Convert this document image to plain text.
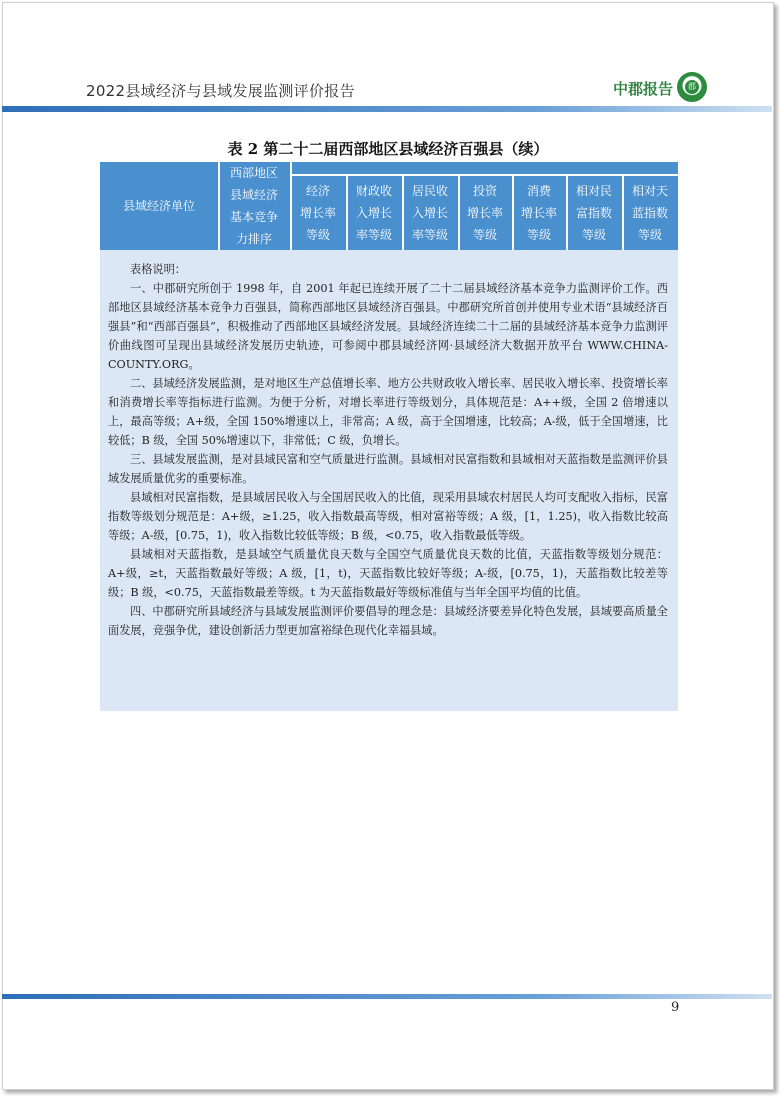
2022县域经济与县域发展监测评价报告	中郡报告	郡
表 2 第二十二届西部地区县域经济百强县（续）
县域经济单位
西部地区
县域经济
基本竞争
力排序
经济
增长率
等级
财政收
入增长
率等级
居民收
入增长
率等级
投资
增长率
等级
消费
增长率
等级
相对民
富指数
等级
相对天
蓝指数
等级

表格说明：

一、中郡研究所创于 1998 年，自 2001 年起已连续开展了二十二届县域经济基本竞争力监测评价工作。西部地区县域经济基本竞争力百强县，简称西部地区县域经济百强县。中郡研究所首创并使用专业术语“县域经济百强县”和“西部百强县”，积极推动了西部地区县域经济发展。县域经济连续二十二届的县域经济基本竞争力监测评价曲线图可呈现出县域经济发展历史轨迹，可参阅中郡县域经济网·县域经济大数据开放平台 WWW.CHINA-COUNTY.ORG。

二、县域经济发展监测，是对地区生产总值增长率、地方公共财政收入增长率、居民收入增长率、投资增长率和消费增长率等指标进行监测。为便于分析，对增长率进行等级划分，具体规范是：A++级，全国 2 倍增速以上，最高等级；A+级，全国 150%增速以上，非常高；A 级，高于全国增速，比较高；A-级，低于全国增速，比较低；B 级，全国 50%增速以下，非常低；C 级，负增长。

三、县域发展监测，是对县域民富和空气质量进行监测。县域相对民富指数和县域相对天蓝指数是监测评价县域发展质量优劣的重要标准。

县域相对民富指数，是县域居民收入与全国居民收入的比值，现采用县域农村居民人均可支配收入指标，民富指数等级划分规范是：A+级，≥1.25，收入指数最高等级，相对富裕等级；A 级，[1，1.25)，收入指数比较高等级；A-级，[0.75，1)，收入指数比较低等级；B 级，<0.75，收入指数最低等级。

县域相对天蓝指数，是县域空气质量优良天数与全国空气质量优良天数的比值，天蓝指数等级划分规范：A+级，≥t，天蓝指数最好等级；A 级，[1，t)，天蓝指数比较好等级；A-级，[0.75，1)，天蓝指数比较差等级；B 级，<0.75，天蓝指数最差等级。t 为天蓝指数最好等级标准值与当年全国平均值的比值。

四、中郡研究所县域经济与县域发展监测评价要倡导的理念是：县域经济要差异化特色发展，县域要高质量全面发展，竞强争优，建设创新活力型更加富裕绿色现代化幸福县域。

9
